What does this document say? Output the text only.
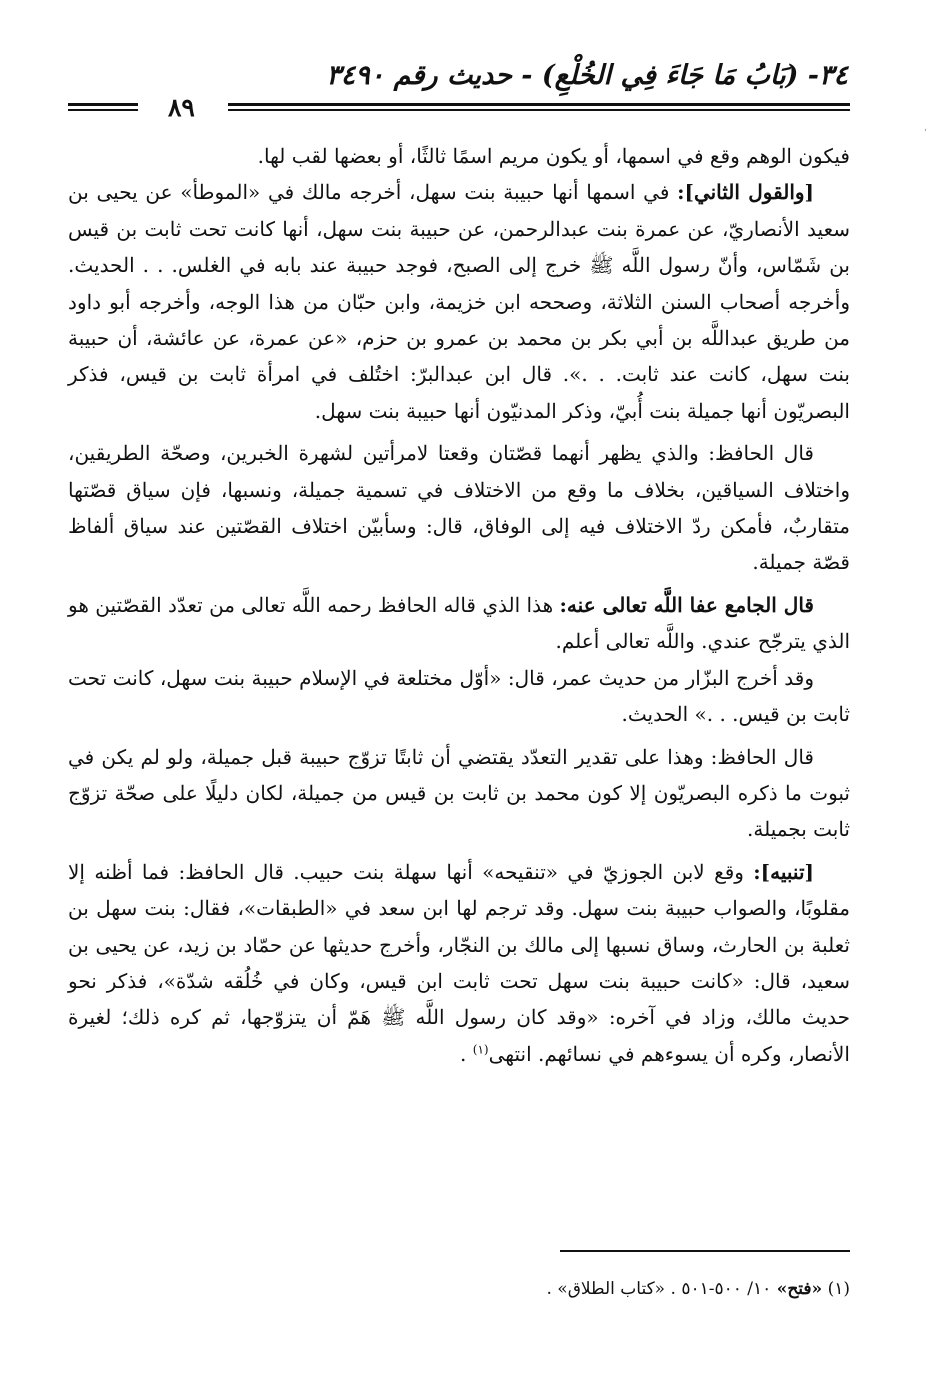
٣٤- (بَابُ مَا جَاءَ فِي الخُلْعِ) - حديث رقم ٣٤٩٠
٨٩

فيكون الوهم وقع في اسمها، أو يكون مريم اسمًا ثالثًا، أو بعضها لقب لها.

[والقول الثاني]: في اسمها أنها حبيبة بنت سهل، أخرجه مالك في «الموطأ» عن يحيى بن سعيد الأنصاريّ، عن عمرة بنت عبدالرحمن، عن حبيبة بنت سهل، أنها كانت تحت ثابت بن قيس بن شَمّاس، وأنّ رسول اللَّه ﷺ خرج إلى الصبح، فوجد حبيبة عند بابه في الغلس. . . الحديث. وأخرجه أصحاب السنن الثلاثة، وصححه ابن خزيمة، وابن حبّان من هذا الوجه، وأخرجه أبو داود من طريق عبداللَّه بن أبي بكر بن محمد بن عمرو بن حزم، «عن عمرة، عن عائشة، أن حبيبة بنت سهل، كانت عند ثابت. . .». قال ابن عبدالبرّ: اختُلف في امرأة ثابت بن قيس، فذكر البصريّون أنها جميلة بنت أُبيّ، وذكر المدنيّون أنها حبيبة بنت سهل.

قال الحافظ: والذي يظهر أنهما قصّتان وقعتا لامرأتين لشهرة الخبرين، وصحّة الطريقين، واختلاف السياقين، بخلاف ما وقع من الاختلاف في تسمية جميلة، ونسبها، فإن سياق قصّتها متقاربٌ، فأمكن ردّ الاختلاف فيه إلى الوفاق، قال: وسأبيّن اختلاف القصّتين عند سياق ألفاظ قصّة جميلة.

قال الجامع عفا اللَّه تعالى عنه: هذا الذي قاله الحافظ رحمه اللَّه تعالى من تعدّد القصّتين هو الذي يترجّح عندي. واللَّه تعالى أعلم.

وقد أخرج البزّار من حديث عمر، قال: «أوّل مختلعة في الإسلام حبيبة بنت سهل، كانت تحت ثابت بن قيس. . .» الحديث.

قال الحافظ: وهذا على تقدير التعدّد يقتضي أن ثابتًا تزوّج حبيبة قبل جميلة، ولو لم يكن في ثبوت ما ذكره البصريّون إلا كون محمد بن ثابت بن قيس من جميلة، لكان دليلًا على صحّة تزوّج ثابت بجميلة.

[تنبيه]: وقع لابن الجوزيّ في «تنقيحه» أنها سهلة بنت حبيب. قال الحافظ: فما أظنه إلا مقلوبًا، والصواب حبيبة بنت سهل. وقد ترجم لها ابن سعد في «الطبقات»، فقال: بنت سهل بن ثعلبة بن الحارث، وساق نسبها إلى مالك بن النجّار، وأخرج حديثها عن حمّاد بن زيد، عن يحيى بن سعيد، قال: «كانت حبيبة بنت سهل تحت ثابت ابن قيس، وكان في خُلُقه شدّة»، فذكر نحو حديث مالك، وزاد في آخره: «وقد كان رسول اللَّه ﷺ هَمّ أن يتزوّجها، ثم كره ذلك؛ لغيرة الأنصار، وكره أن يسوءهم في نسائهم. انتهى$^{(١)}$ .

(١) «فتح» ١٠/ ٥٠٠-٥٠١ . «كتاب الطلاق» .
ʻ
